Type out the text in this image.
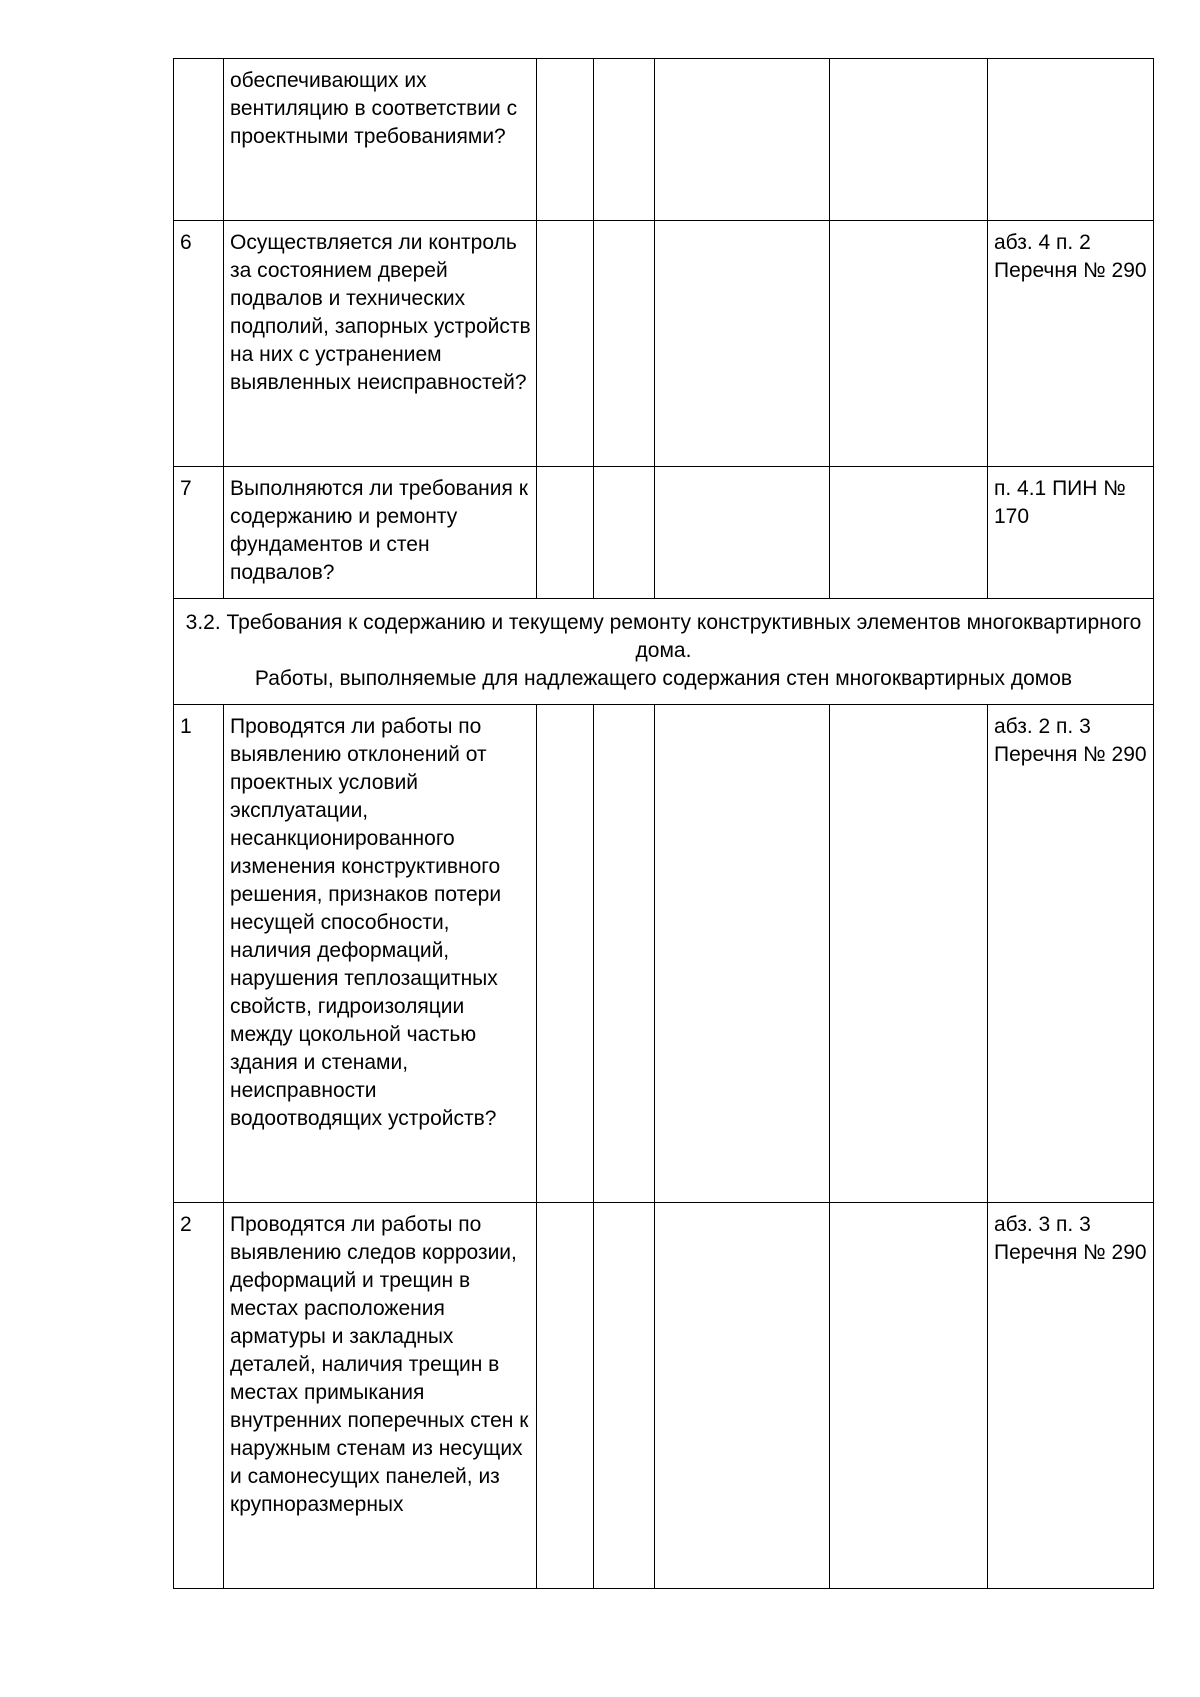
	обеспечивающих их вентиляцию в соответствии с проектными требованиями?					
6	Осуществляется ли контроль за состоянием дверей подвалов и технических подполий, запорных устройств на них с устранением выявленных неисправностей?					абз. 4 п. 2 Перечня № 290
7	Выполняются ли требования к содержанию и ремонту фундаментов и стен подвалов?					п. 4.1 ПИН № 170

3.2. Требования к содержанию и текущему ремонту конструктивных элементов многоквартирного дома.
Работы, выполняемые для надлежащего содержания стен многоквартирных домов						

1	Проводятся ли работы по выявлению отклонений от проектных условий эксплуатации, несанкционированного изменения конструктивного решения, признаков потери несущей способности, наличия деформаций, нарушения теплозащитных свойств, гидроизоляции между цокольной частью здания и стенами, неисправности водоотводящих устройств?					абз. 2 п. 3 Перечня № 290
2	Проводятся ли работы по выявлению следов коррозии, деформаций и трещин в местах расположения арматуры и закладных деталей, наличия трещин в местах примыкания внутренних поперечных стен к наружным стенам из несущих и самонесущих панелей, из крупноразмерных					абз. 3 п. 3 Перечня № 290
